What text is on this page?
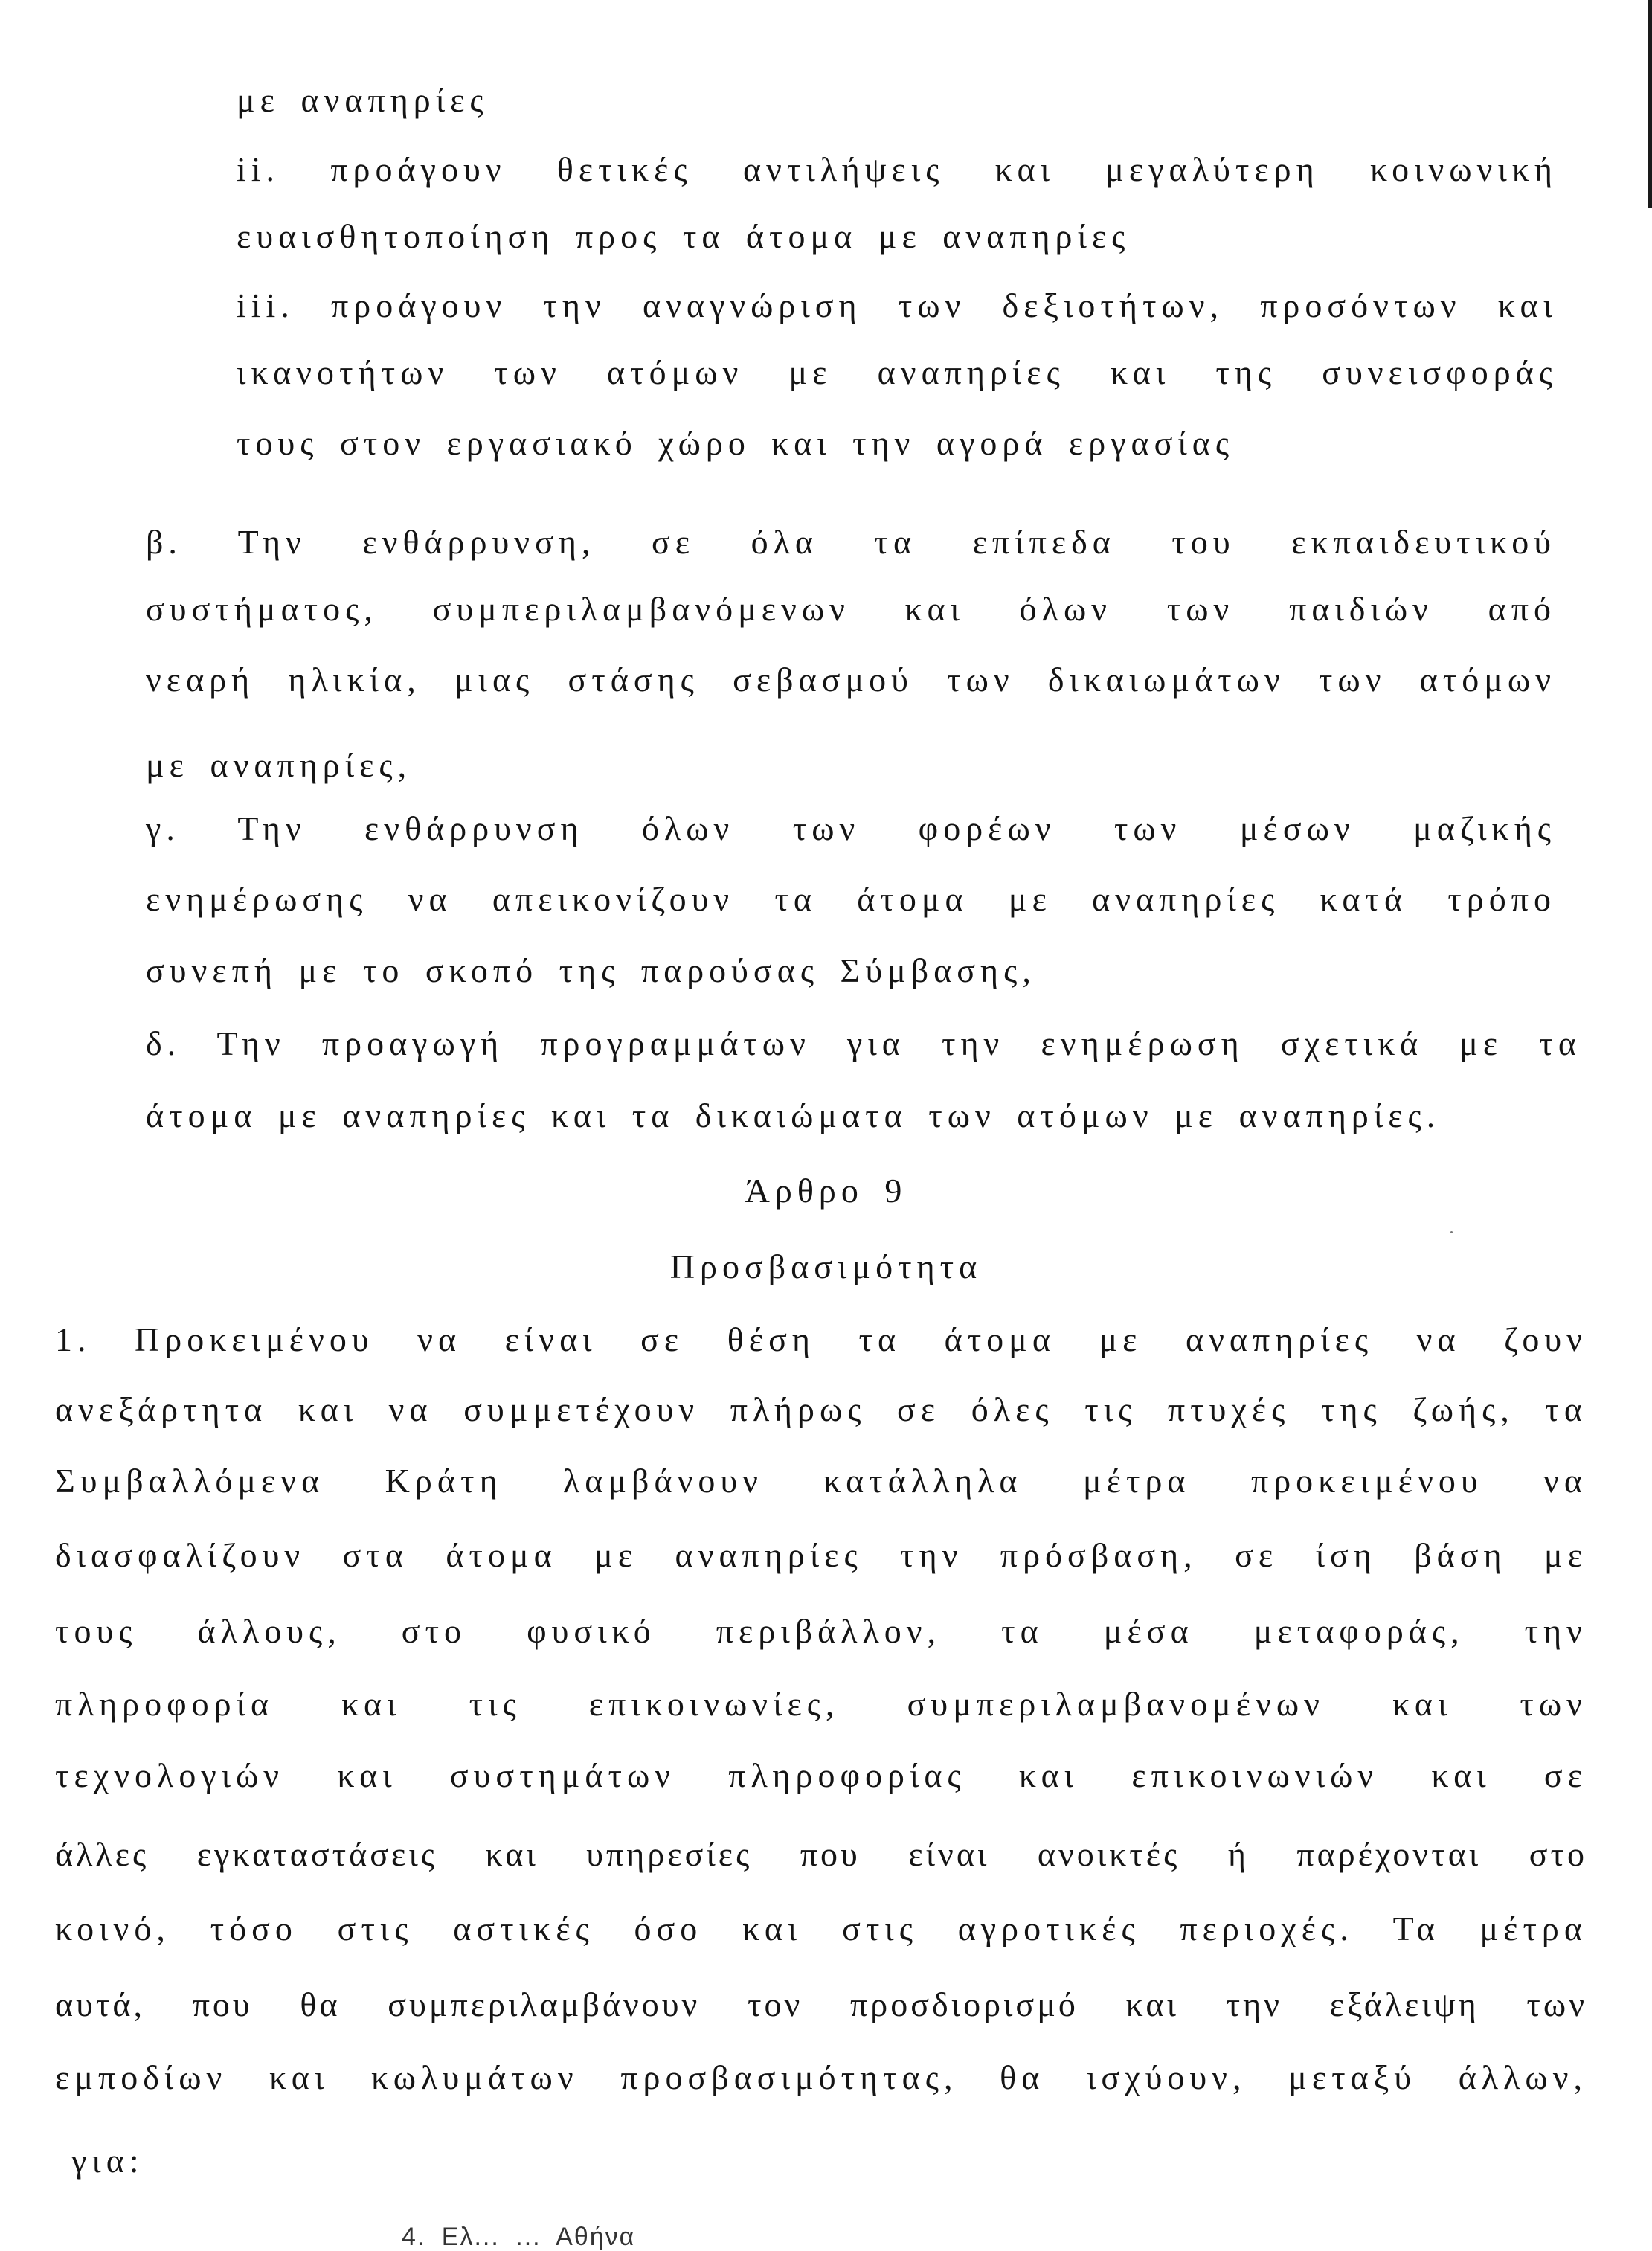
με αναπηρίες
ii. προάγουν θετικές αντιλήψεις και μεγαλύτερη κοινωνική
ευαισθητοποίηση προς τα άτομα με αναπηρίες
iii. προάγουν την αναγνώριση των δεξιοτήτων, προσόντων και
ικανοτήτων των ατόμων με αναπηρίες και της συνεισφοράς
τους στον εργασιακό χώρο και την αγορά εργασίας
β. Την ενθάρρυνση, σε όλα τα επίπεδα του εκπαιδευτικού
συστήματος, συμπεριλαμβανόμενων και όλων των παιδιών από
νεαρή ηλικία, μιας στάσης σεβασμού των δικαιωμάτων των ατόμων
με αναπηρίες,
γ. Την ενθάρρυνση όλων των φορέων των μέσων μαζικής
ενημέρωσης να απεικονίζουν τα άτομα με αναπηρίες κατά τρόπο
συνεπή με το σκοπό της παρούσας Σύμβασης,
δ. Την προαγωγή προγραμμάτων για την ενημέρωση σχετικά με τα
άτομα με αναπηρίες και τα δικαιώματα των ατόμων με αναπηρίες.
Άρθρο 9
Προσβασιμότητα
1. Προκειμένου να είναι σε θέση τα άτομα με αναπηρίες να ζουν
ανεξάρτητα και να συμμετέχουν πλήρως σε όλες τις πτυχές της ζωής, τα
Συμβαλλόμενα Κράτη λαμβάνουν κατάλληλα μέτρα προκειμένου να
διασφαλίζουν στα άτομα με αναπηρίες την πρόσβαση, σε ίση βάση με
τους άλλους, στο φυσικό περιβάλλον, τα μέσα μεταφοράς, την
πληροφορία και τις επικοινωνίες, συμπεριλαμβανομένων και των
τεχνολογιών και συστημάτων πληροφορίας και επικοινωνιών και σε
άλλες εγκαταστάσεις και υπηρεσίες που είναι ανοικτές ή παρέχονται στο
κοινό, τόσο στις αστικές όσο και στις αγροτικές περιοχές. Τα μέτρα
αυτά, που θα συμπεριλαμβάνουν τον προσδιορισμό και την εξάλειψη των
εμποδίων και κωλυμάτων προσβασιμότητας, θα ισχύουν, μεταξύ άλλων,
για:
4. Ελ... ... Αθήνα
